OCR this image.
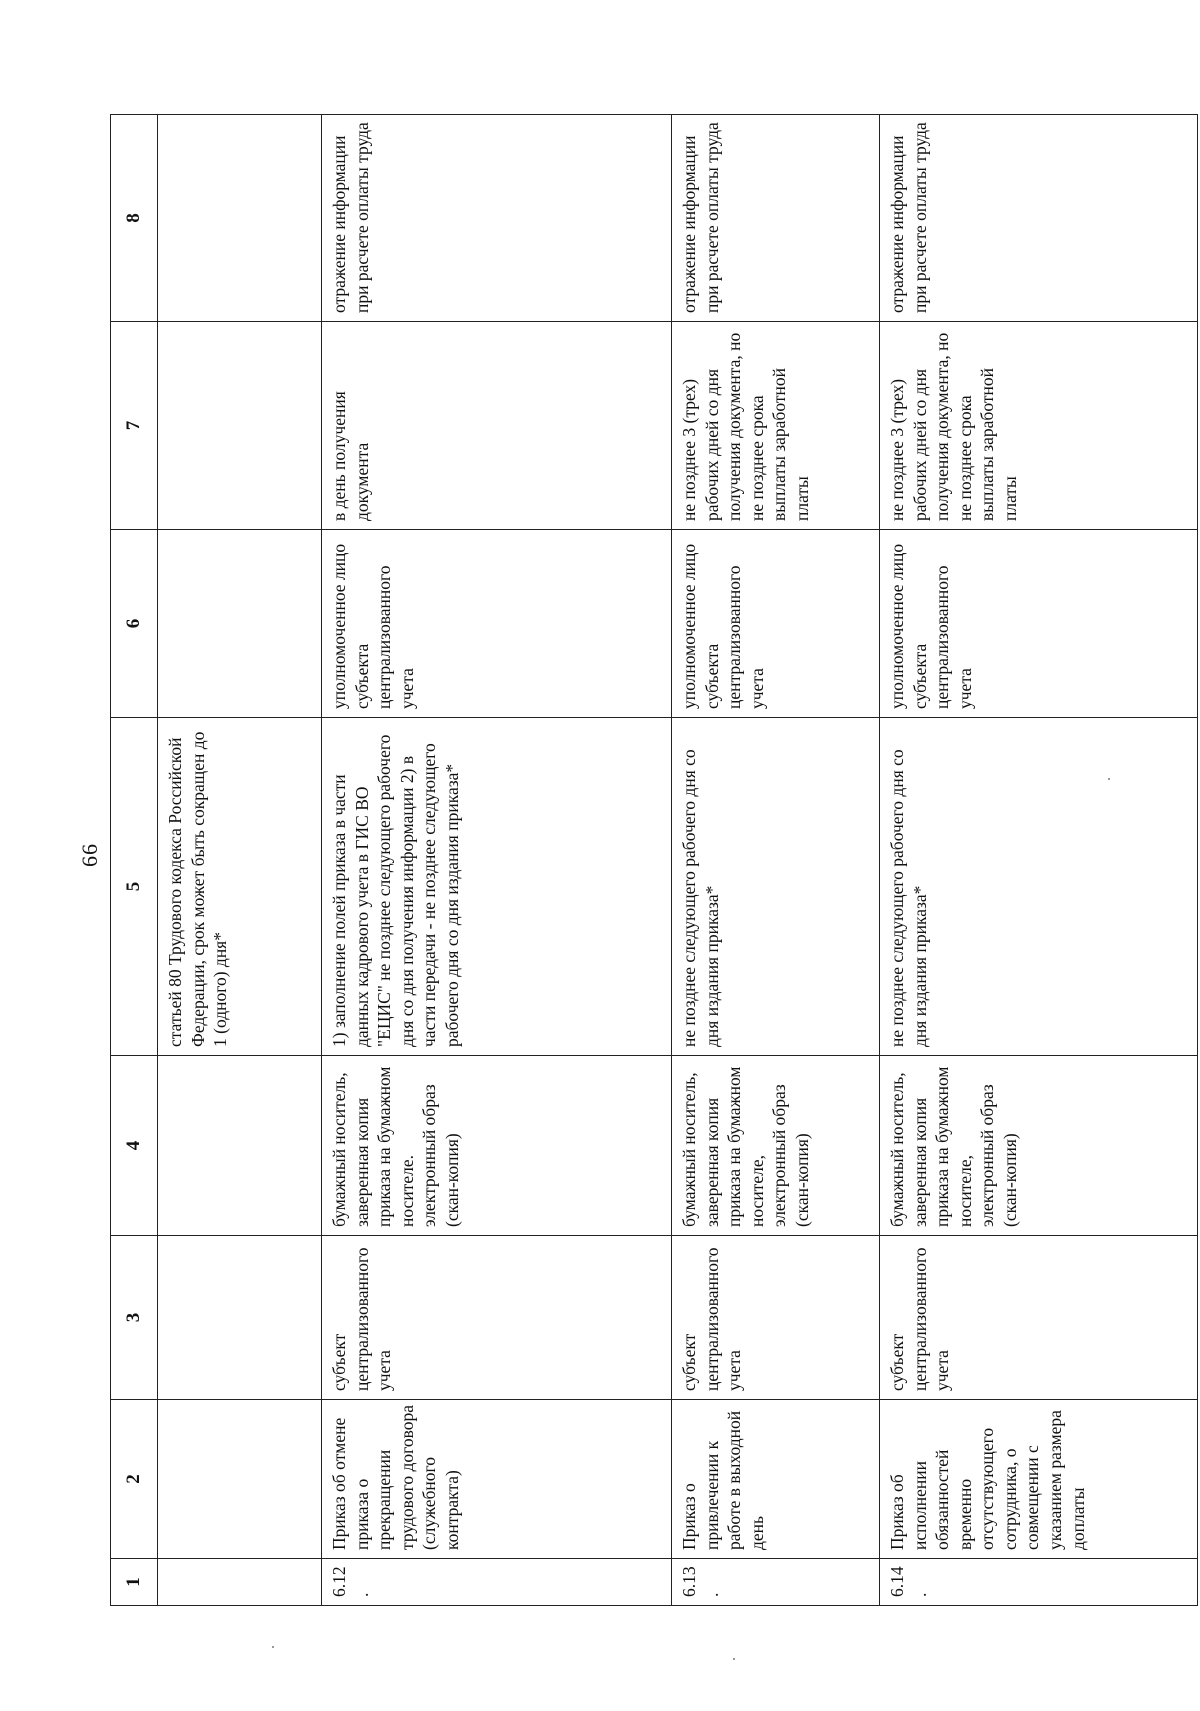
66
1	2	3	4	5	6	7	8
				статьей 80 Трудового кодекса Российской Федерации, срок может быть сокращен до 1 (одного) дня*			
6.12.	Приказ об отмене приказа о прекращении трудового договора (служебного контракта)	субъект централизованного учета	бумажный носитель, заверенная копия приказа на бумажном носителе. электронный образ (скан-копия)	1) заполнение полей приказа в части данных кадрового учета в ГИС ВО "ЕЦИС" не позднее следующего рабочего дня со дня получения информации 2) в части передачи - не позднее следующего рабочего дня со дня издания приказа*	уполномоченное лицо субъекта централизованного учета	в день получения документа	отражение информации при расчете оплаты труда
6.13.	Приказ о привлечении к работе в выходной день	субъект централизованного учета	бумажный носитель, заверенная копия приказа на бумажном носителе, электронный образ (скан-копия)	не позднее следующего рабочего дня со дня издания приказа*	уполномоченное лицо субъекта централизованного учета	не позднее 3 (трех) рабочих дней со дня получения документа, но не позднее срока выплаты заработной платы	отражение информации при расчете оплаты труда
6.14.	Приказ об исполнении обязанностей временно отсутствующего сотрудника, о совмещении с указанием размера доплаты	субъект централизованного учета	бумажный носитель, заверенная копия приказа на бумажном носителе, электронный образ (скан-копия)	не позднее следующего рабочего дня со дня издания приказа*	уполномоченное лицо субъекта централизованного учета	не позднее 3 (трех) рабочих дней со дня получения документа, но не позднее срока выплаты заработной платы	отражение информации при расчете оплаты труда
